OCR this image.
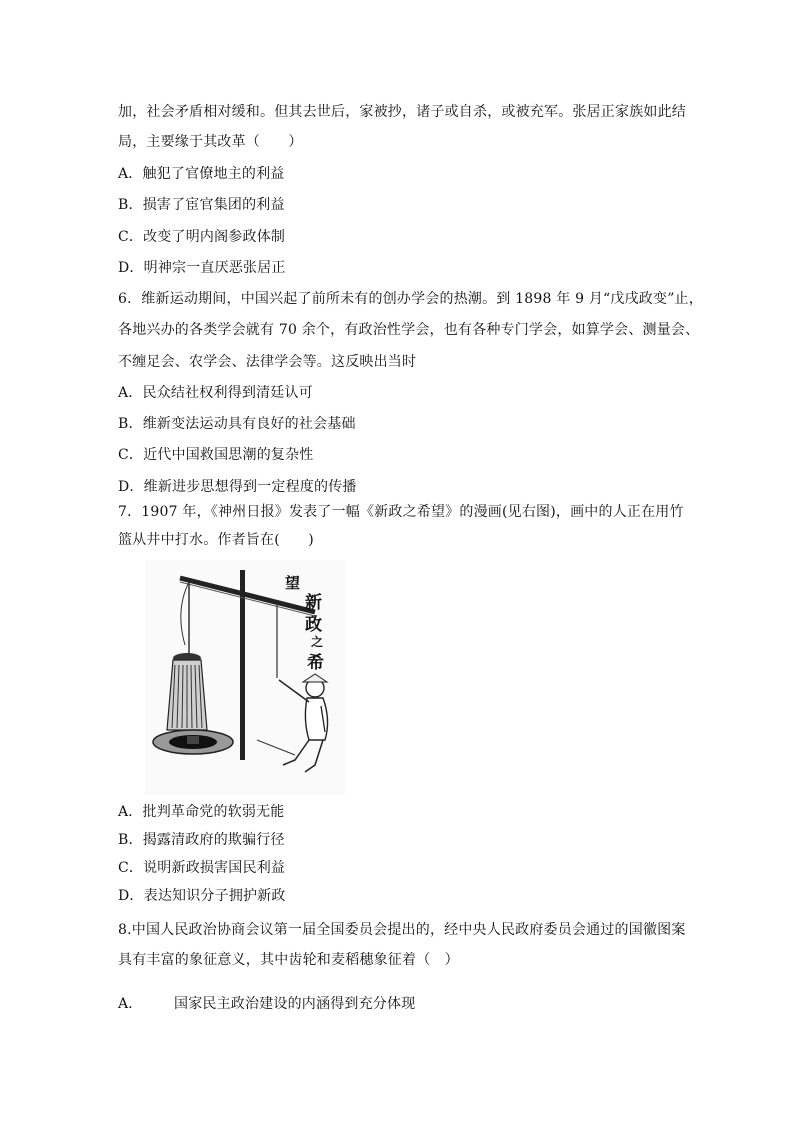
加，社会矛盾相对缓和。但其去世后，家被抄，诸子或自杀，或被充军。张居正家族如此结
局，主要缘于其改革（　　）
A．触犯了官僚地主的利益
B．损害了宦官集团的利益
C．改变了明内阁参政体制
D．明神宗一直厌恶张居正
6．维新运动期间，中国兴起了前所未有的创办学会的热潮。到 1898 年 9 月“戊戌政变”止，
各地兴办的各类学会就有 70 余个，有政治性学会，也有各种专门学会，如算学会、测量会、
不缠足会、农学会、法律学会等。这反映出当时
A．民众结社权利得到清廷认可
B．维新变法运动具有良好的社会基础
C．近代中国救国思潮的复杂性
D．维新进步思想得到一定程度的传播
7．1907 年，《神州日报》发表了一幅《新政之希望》的漫画(见右图)，画中的人正在用竹
篮从井中打水。作者旨在(　　)
望
新
政
之
希
A．批判革命党的软弱无能
B．揭露清政府的欺骗行径
C．说明新政损害国民利益
D．表达知识分子拥护新政
8.中国人民政治协商会议第一届全国委员会提出的，经中央人民政府委员会通过的国徽图案
具有丰富的象征意义，其中齿轮和麦稻穗象征着（　）
A． 国家民主政治建设的内涵得到充分体现
